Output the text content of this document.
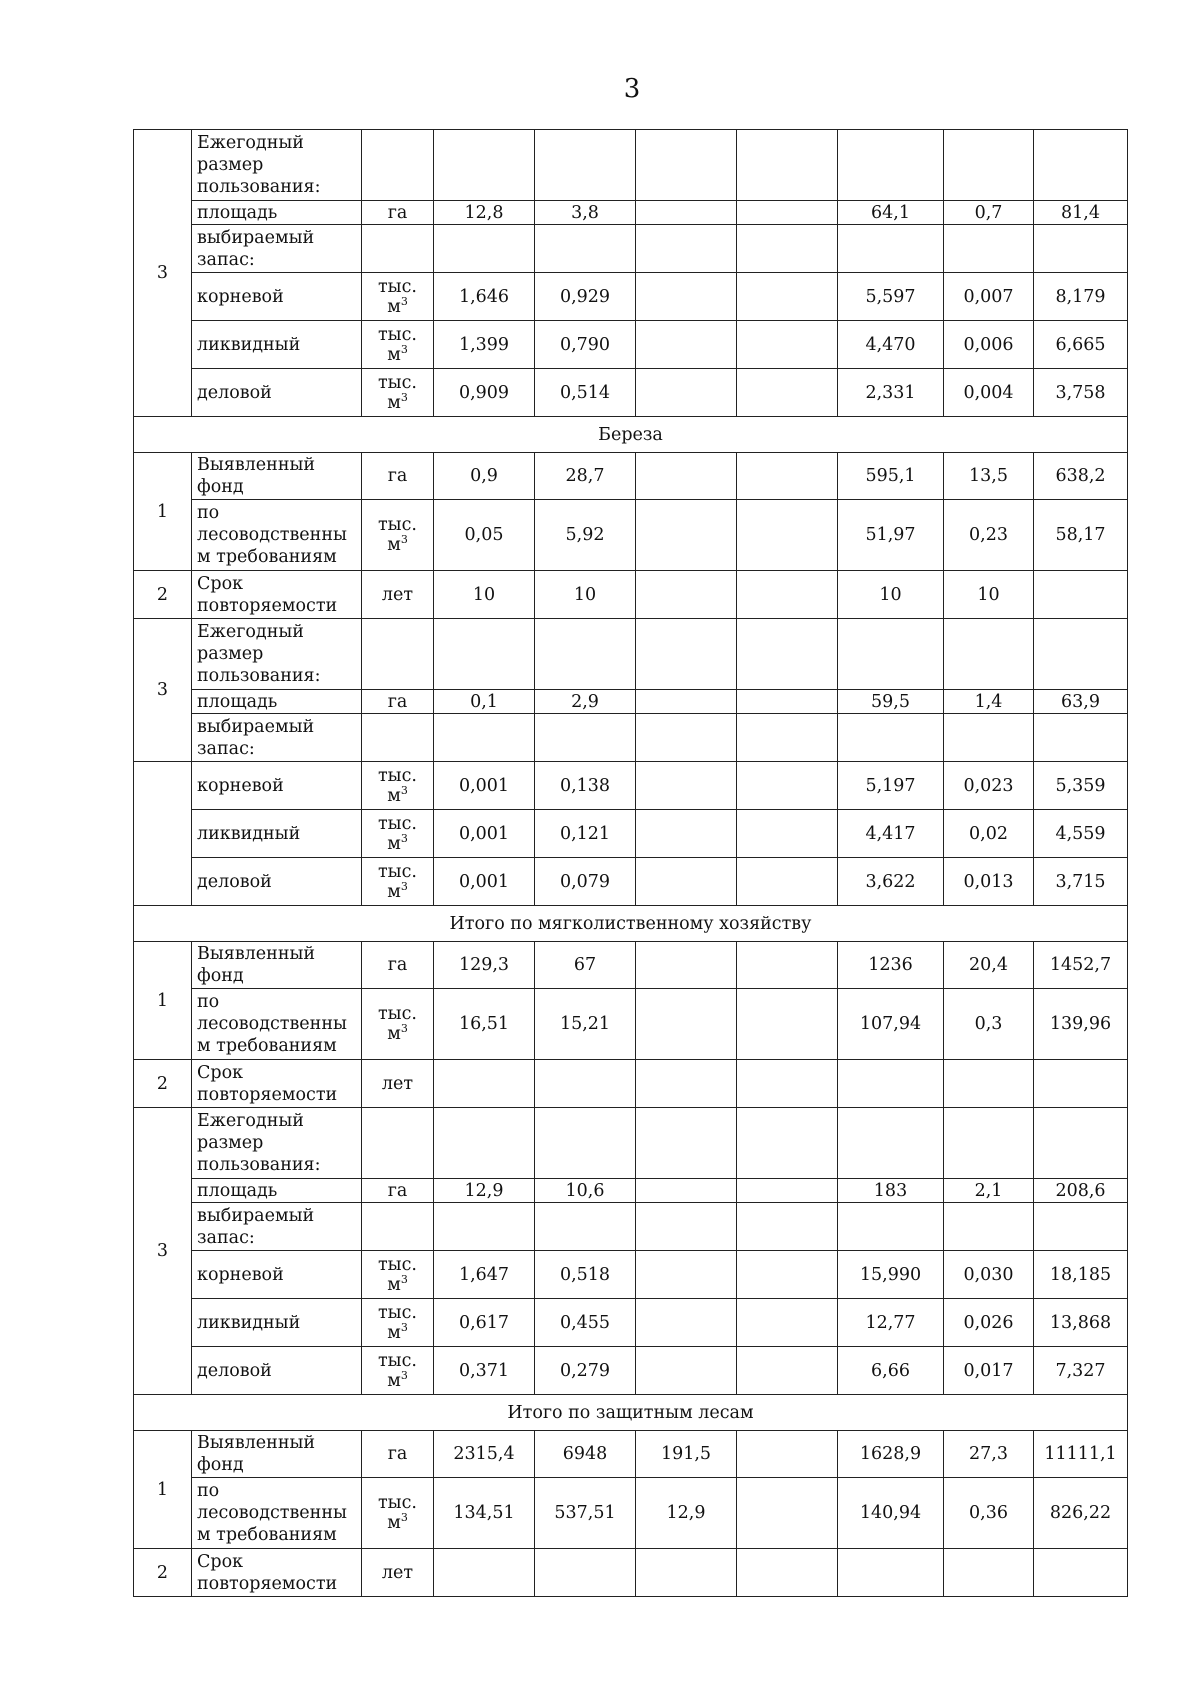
3
3	Ежегодный размер пользования:								
	площадь	га	12,8	3,8			64,1	0,7	81,4
	выбираемый запас:								
	корневой	тыс. $м^3$	1,646	0,929			5,597	0,007	8,179
	ликвидный	тыс. $м^3$	1,399	0,790			4,470	0,006	6,665
	деловой	тыс. $м^3$	0,909	0,514			2,331	0,004	3,758
Береза									
1	Выявленный фонд	га	0,9	28,7			595,1	13,5	638,2
	по лесоводственны м требованиям	тыс. $м^3$	0,05	5,92			51,97	0,23	58,17
2	Срок повторяемости	лет	10	10			10	10	
3	Ежегодный размер пользования:								
	площадь	га	0,1	2,9			59,5	1,4	63,9
	выбираемый запас:								
	корневой	тыс. $м^3$	0,001	0,138			5,197	0,023	5,359
	ликвидный	тыс. $м^3$	0,001	0,121			4,417	0,02	4,559
	деловой	тыс. $м^3$	0,001	0,079			3,622	0,013	3,715
Итого по мягколиственному хозяйству									
1	Выявленный фонд	га	129,3	67			1236	20,4	1452,7
	по лесоводственны м требованиям	тыс. $м^3$	16,51	15,21			107,94	0,3	139,96
2	Срок повторяемости	лет							
3	Ежегодный размер пользования:								
	площадь	га	12,9	10,6			183	2,1	208,6
	выбираемый запас:								
	корневой	тыс. $м^3$	1,647	0,518			15,990	0,030	18,185
	ликвидный	тыс. $м^3$	0,617	0,455			12,77	0,026	13,868
	деловой	тыс. $м^3$	0,371	0,279			6,66	0,017	7,327
Итого по защитным лесам									
1	Выявленный фонд	га	2315,4	6948	191,5		1628,9	27,3	11111,1
	по лесоводственны м требованиям	тыс. $м^3$	134,51	537,51	12,9		140,94	0,36	826,22
2	Срок повторяемости	лет							
